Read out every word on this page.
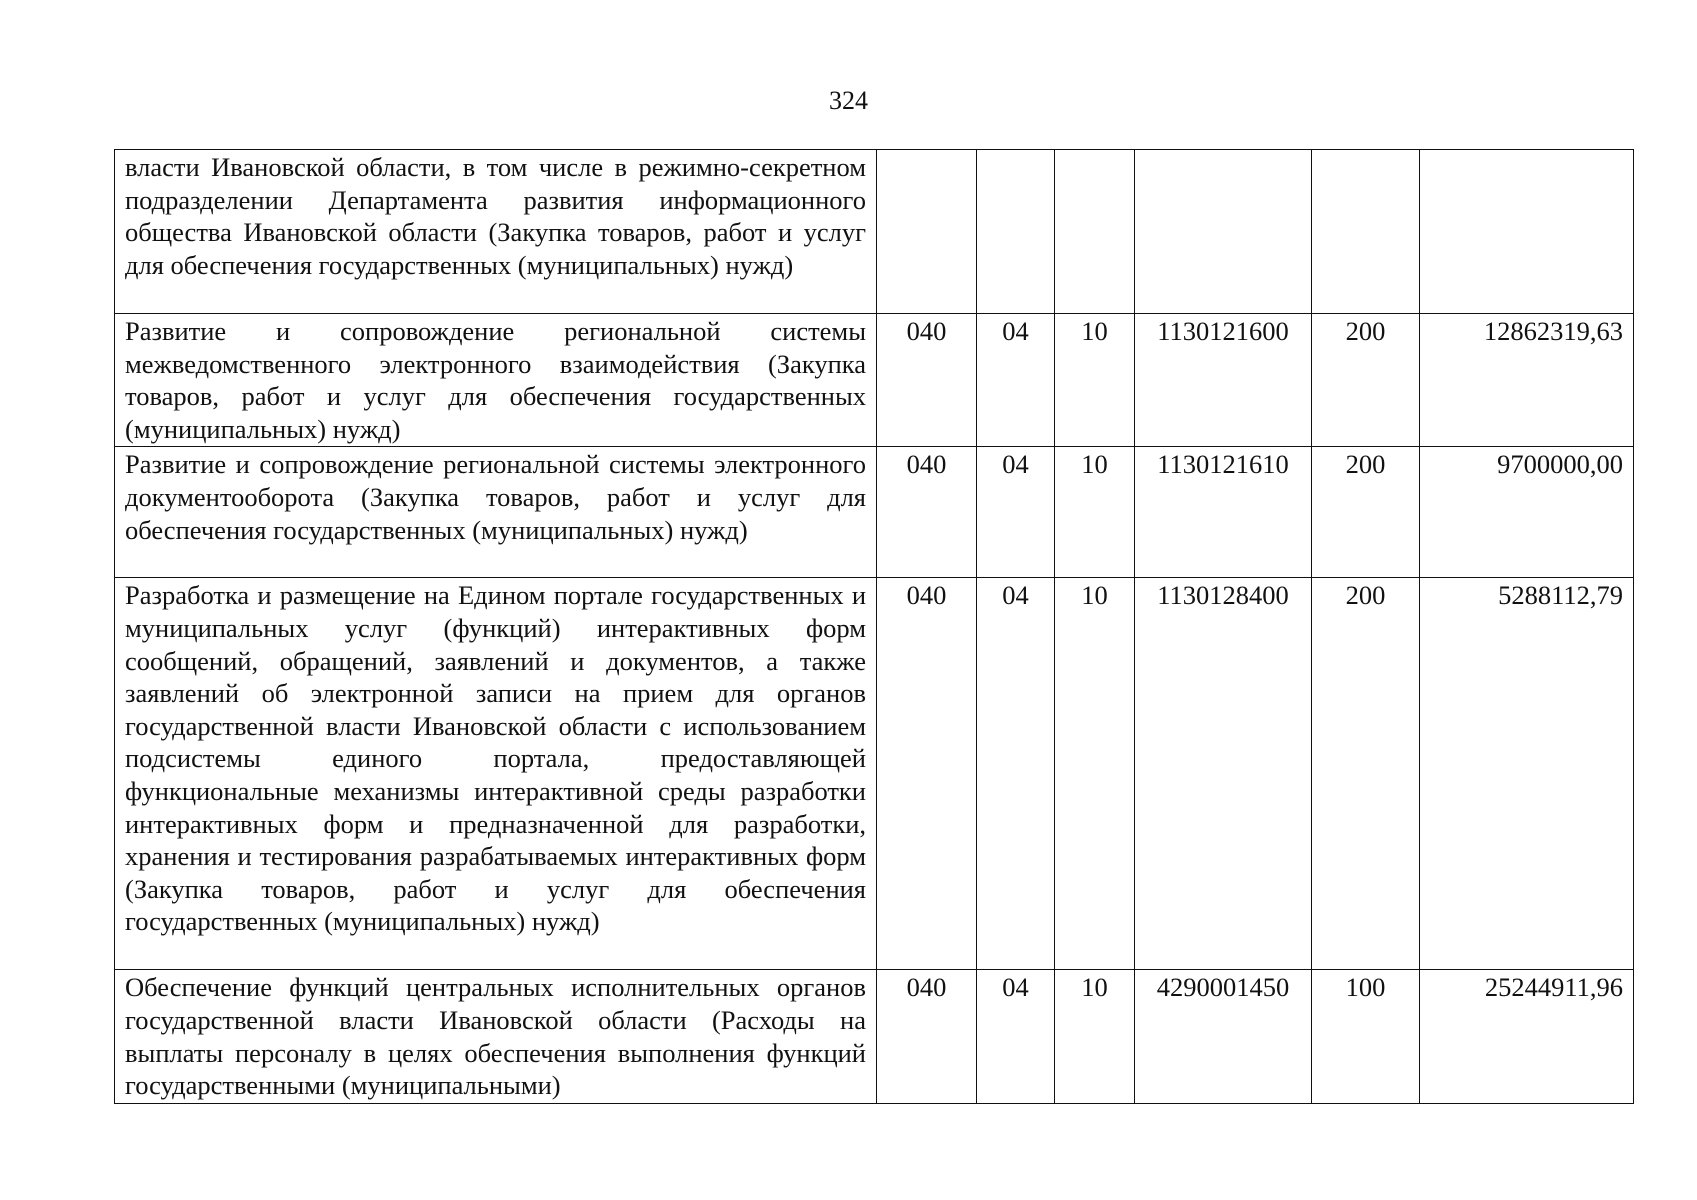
324
власти Ивановской области, в том числе в режимно-секретном подразделении Департамента развития информационного общества Ивановской области (Закупка товаров, работ и услуг для обеспечения государственных (муниципальных) нужд)						
Развитие и сопровождение региональной системы межведомственного электронного взаимодействия (Закупка товаров, работ и услуг для обеспечения государственных (муниципальных) нужд)	040	04	10	1130121600	200	12862319,63
Развитие и сопровождение региональной системы электронного документооборота (Закупка товаров, работ и услуг для обеспечения государственных (муниципальных) нужд)	040	04	10	1130121610	200	9700000,00
Разработка и размещение на Едином портале государственных и муниципальных услуг (функций) интерактивных форм сообщений, обращений, заявлений и документов, а также заявлений об электронной записи на прием для органов государственной власти Ивановской области с использованием подсистемы единого портала, предоставляющей функциональные механизмы интерактивной среды разработки интерактивных форм и предназначенной для разработки, хранения и тестирования разрабатываемых интерактивных форм (Закупка товаров, работ и услуг для обеспечения государственных (муниципальных) нужд)	040	04	10	1130128400	200	5288112,79
Обеспечение функций центральных исполнительных органов государственной власти Ивановской области (Расходы на выплаты персоналу в целях обеспечения выполнения функций государственными (муниципальными)	040	04	10	4290001450	100	25244911,96
